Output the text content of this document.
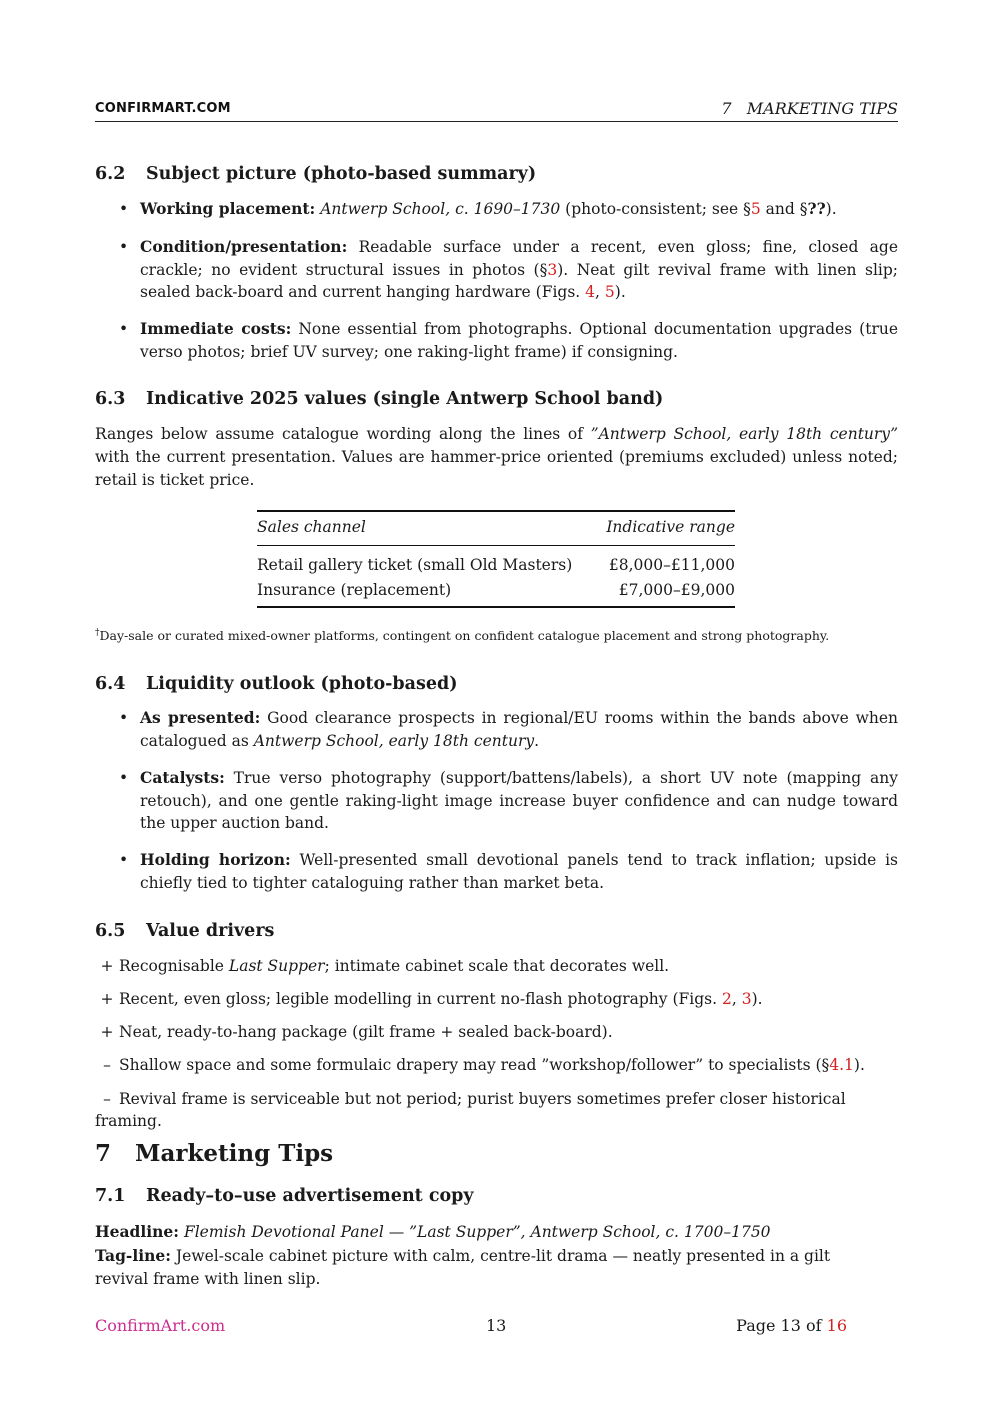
CONFIRMART.COM	7   MARKETING TIPS
6.2 Subject picture (photo-based summary)
• Working placement: Antwerp School, c. 1690–1730 (photo-consistent; see §5 and §??).
• Condition/presentation: Readable surface under a recent, even gloss; fine, closed age crackle; no evident structural issues in photos (§3). Neat gilt revival frame with linen slip; sealed back-board and current hanging hardware (Figs. 4, 5).
• Immediate costs: None essential from photographs. Optional documentation upgrades (true verso photos; brief UV survey; one raking-light frame) if consigning.
6.3 Indicative 2025 values (single Antwerp School band)
Ranges below assume catalogue wording along the lines of ”Antwerp School, early 18th century” with the current presentation. Values are hammer-price oriented (premiums excluded) unless noted; retail is ticket price.
Sales channel	Indicative range
Retail gallery ticket (small Old Masters)	£8,000–£11,000
Insurance (replacement)	£7,000–£9,000
†Day-sale or curated mixed-owner platforms, contingent on confident catalogue placement and strong photography.
6.4 Liquidity outlook (photo-based)
• As presented: Good clearance prospects in regional/EU rooms within the bands above when catalogued as Antwerp School, early 18th century.
• Catalysts: True verso photography (support/battens/labels), a short UV note (mapping any retouch), and one gentle raking-light image increase buyer confidence and can nudge toward the upper auction band.
• Holding horizon: Well-presented small devotional panels tend to track inflation; upside is chiefly tied to tighter cataloguing rather than market beta.
6.5 Value drivers
+ Recognisable Last Supper; intimate cabinet scale that decorates well.
+ Recent, even gloss; legible modelling in current no-flash photography (Figs. 2, 3).
+ Neat, ready-to-hang package (gilt frame + sealed back-board).
– Shallow space and some formulaic drapery may read ”workshop/follower” to specialists (§4.1).
– Revival frame is serviceable but not period; purist buyers sometimes prefer closer historical framing.
7 Marketing Tips
7.1 Ready–to–use advertisement copy
Headline: Flemish Devotional Panel — ”Last Supper”, Antwerp School, c. 1700–1750
Tag-line: Jewel-scale cabinet picture with calm, centre-lit drama — neatly presented in a gilt revival frame with linen slip.
ConfirmArt.com	13	Page 13 of 16
